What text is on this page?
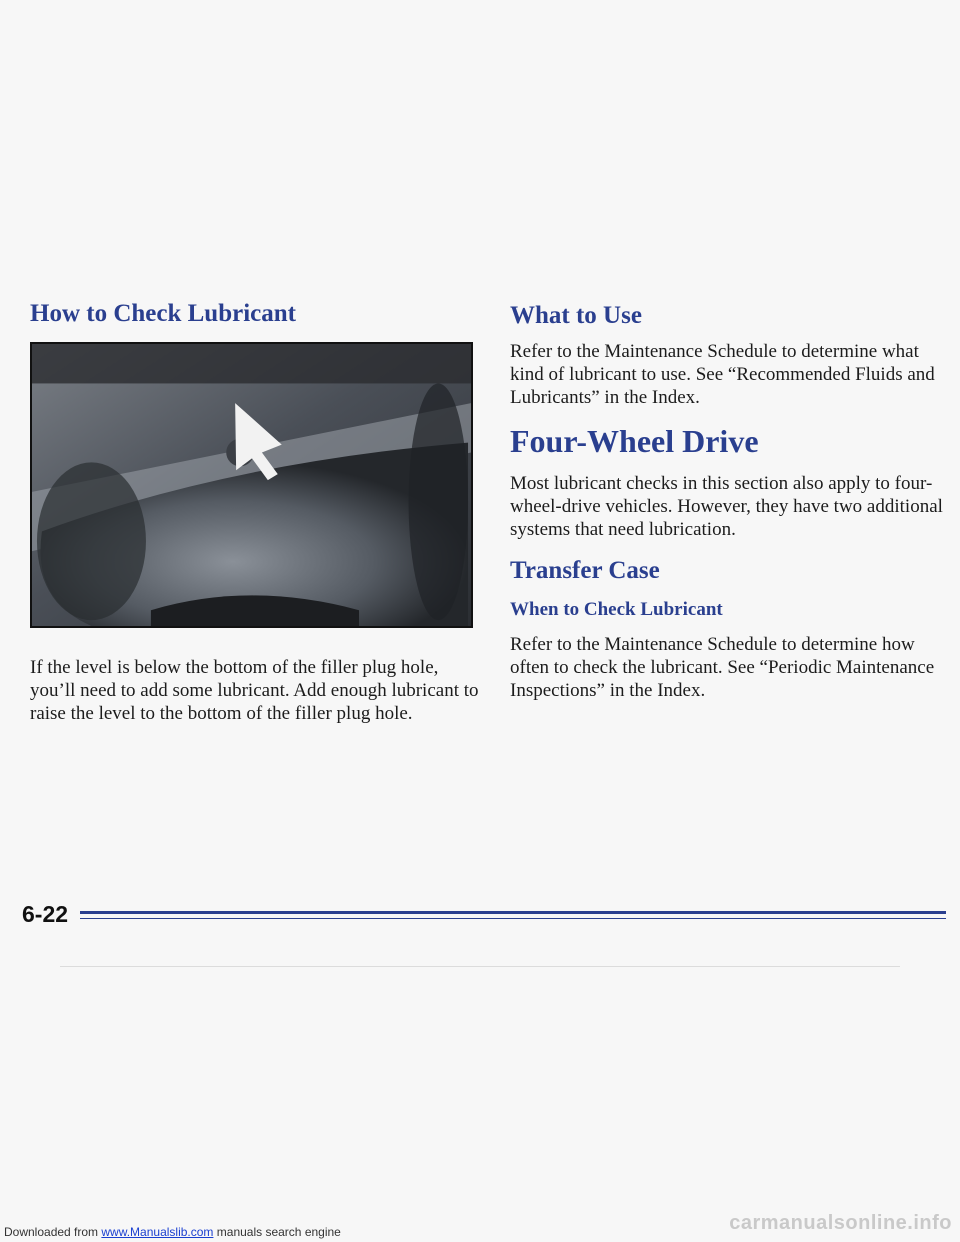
How to Check Lubricant
If the level is below the bottom of the filler plug hole, you’ll need to add some lubricant. Add enough lubricant to raise the level to the bottom of the filler plug hole.
What to Use

Refer to the Maintenance Schedule to determine what kind of lubricant to use. See “Recommended Fluids and Lubricants” in the Index.

Four-Wheel Drive

Most lubricant checks in this section also apply to four-wheel-drive vehicles. However, they have two additional systems that need lubrication.

Transfer Case
When to Check Lubricant

Refer to the Maintenance Schedule to determine how often to check the lubricant. See “Periodic Maintenance Inspections” in the Index.

6-22
Downloaded from www.Manualslib.com manuals search engine	carmanualsonline.info
